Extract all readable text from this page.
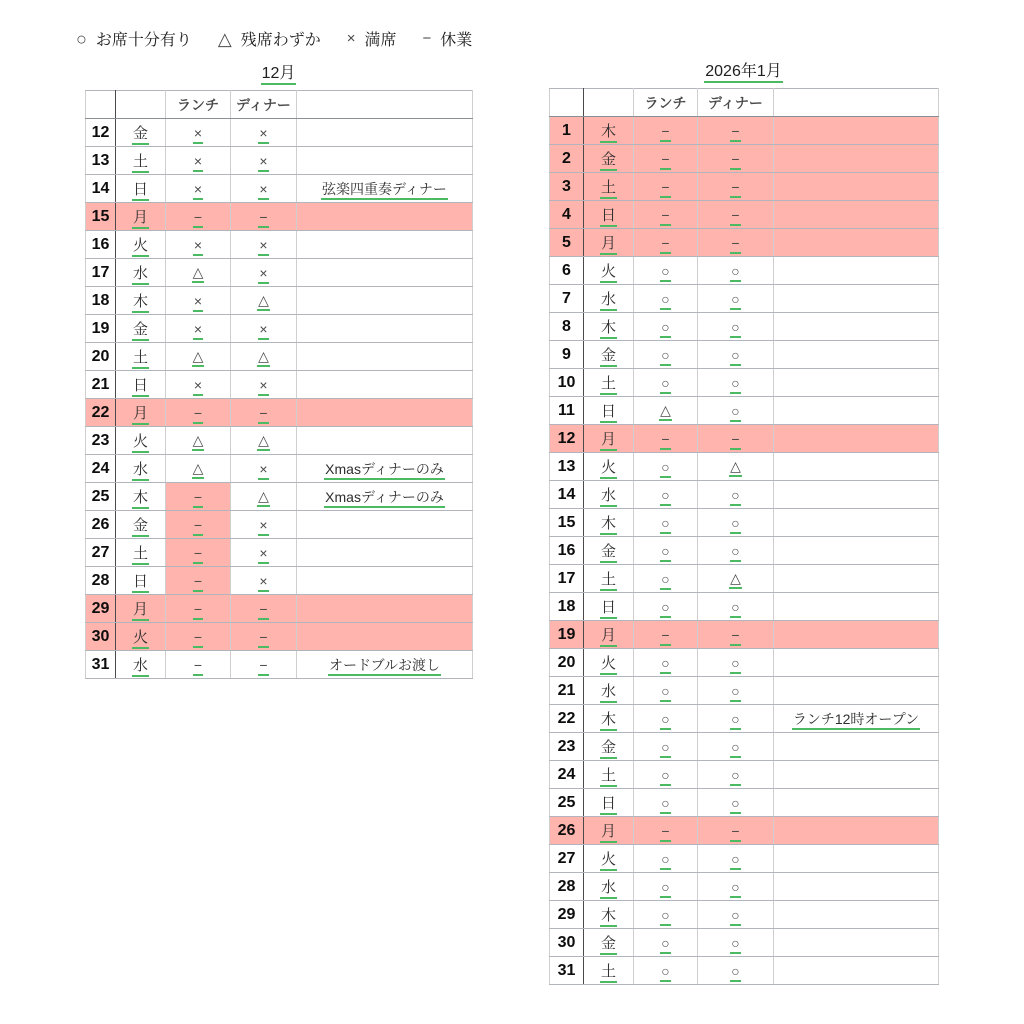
○ お席十分有り △ 残席わずか × 満席 − 休業
12月
		ランチ	ディナー	
12	金	×	×	
13	土	×	×	
14	日	×	×	弦楽四重奏ディナー
15	月	−	−	
16	火	×	×	
17	水	△	×	
18	木	×	△	
19	金	×	×	
20	土	△	△	
21	日	×	×	
22	月	−	−	
23	火	△	△	
24	水	△	×	Xmasディナーのみ
25	木	−	△	Xmasディナーのみ
26	金	−	×	
27	土	−	×	
28	日	−	×	
29	月	−	−	
30	火	−	−	
31	水	−	−	オードブルお渡し
2026年1月
		ランチ	ディナー	
1	木	−	−	
2	金	−	−	
3	土	−	−	
4	日	−	−	
5	月	−	−	
6	火	○	○	
7	水	○	○	
8	木	○	○	
9	金	○	○	
10	土	○	○	
11	日	△	○	
12	月	−	−	
13	火	○	△	
14	水	○	○	
15	木	○	○	
16	金	○	○	
17	土	○	△	
18	日	○	○	
19	月	−	−	
20	火	○	○	
21	水	○	○	
22	木	○	○	ランチ12時オープン
23	金	○	○	
24	土	○	○	
25	日	○	○	
26	月	−	−	
27	火	○	○	
28	水	○	○	
29	木	○	○	
30	金	○	○	
31	土	○	○	
